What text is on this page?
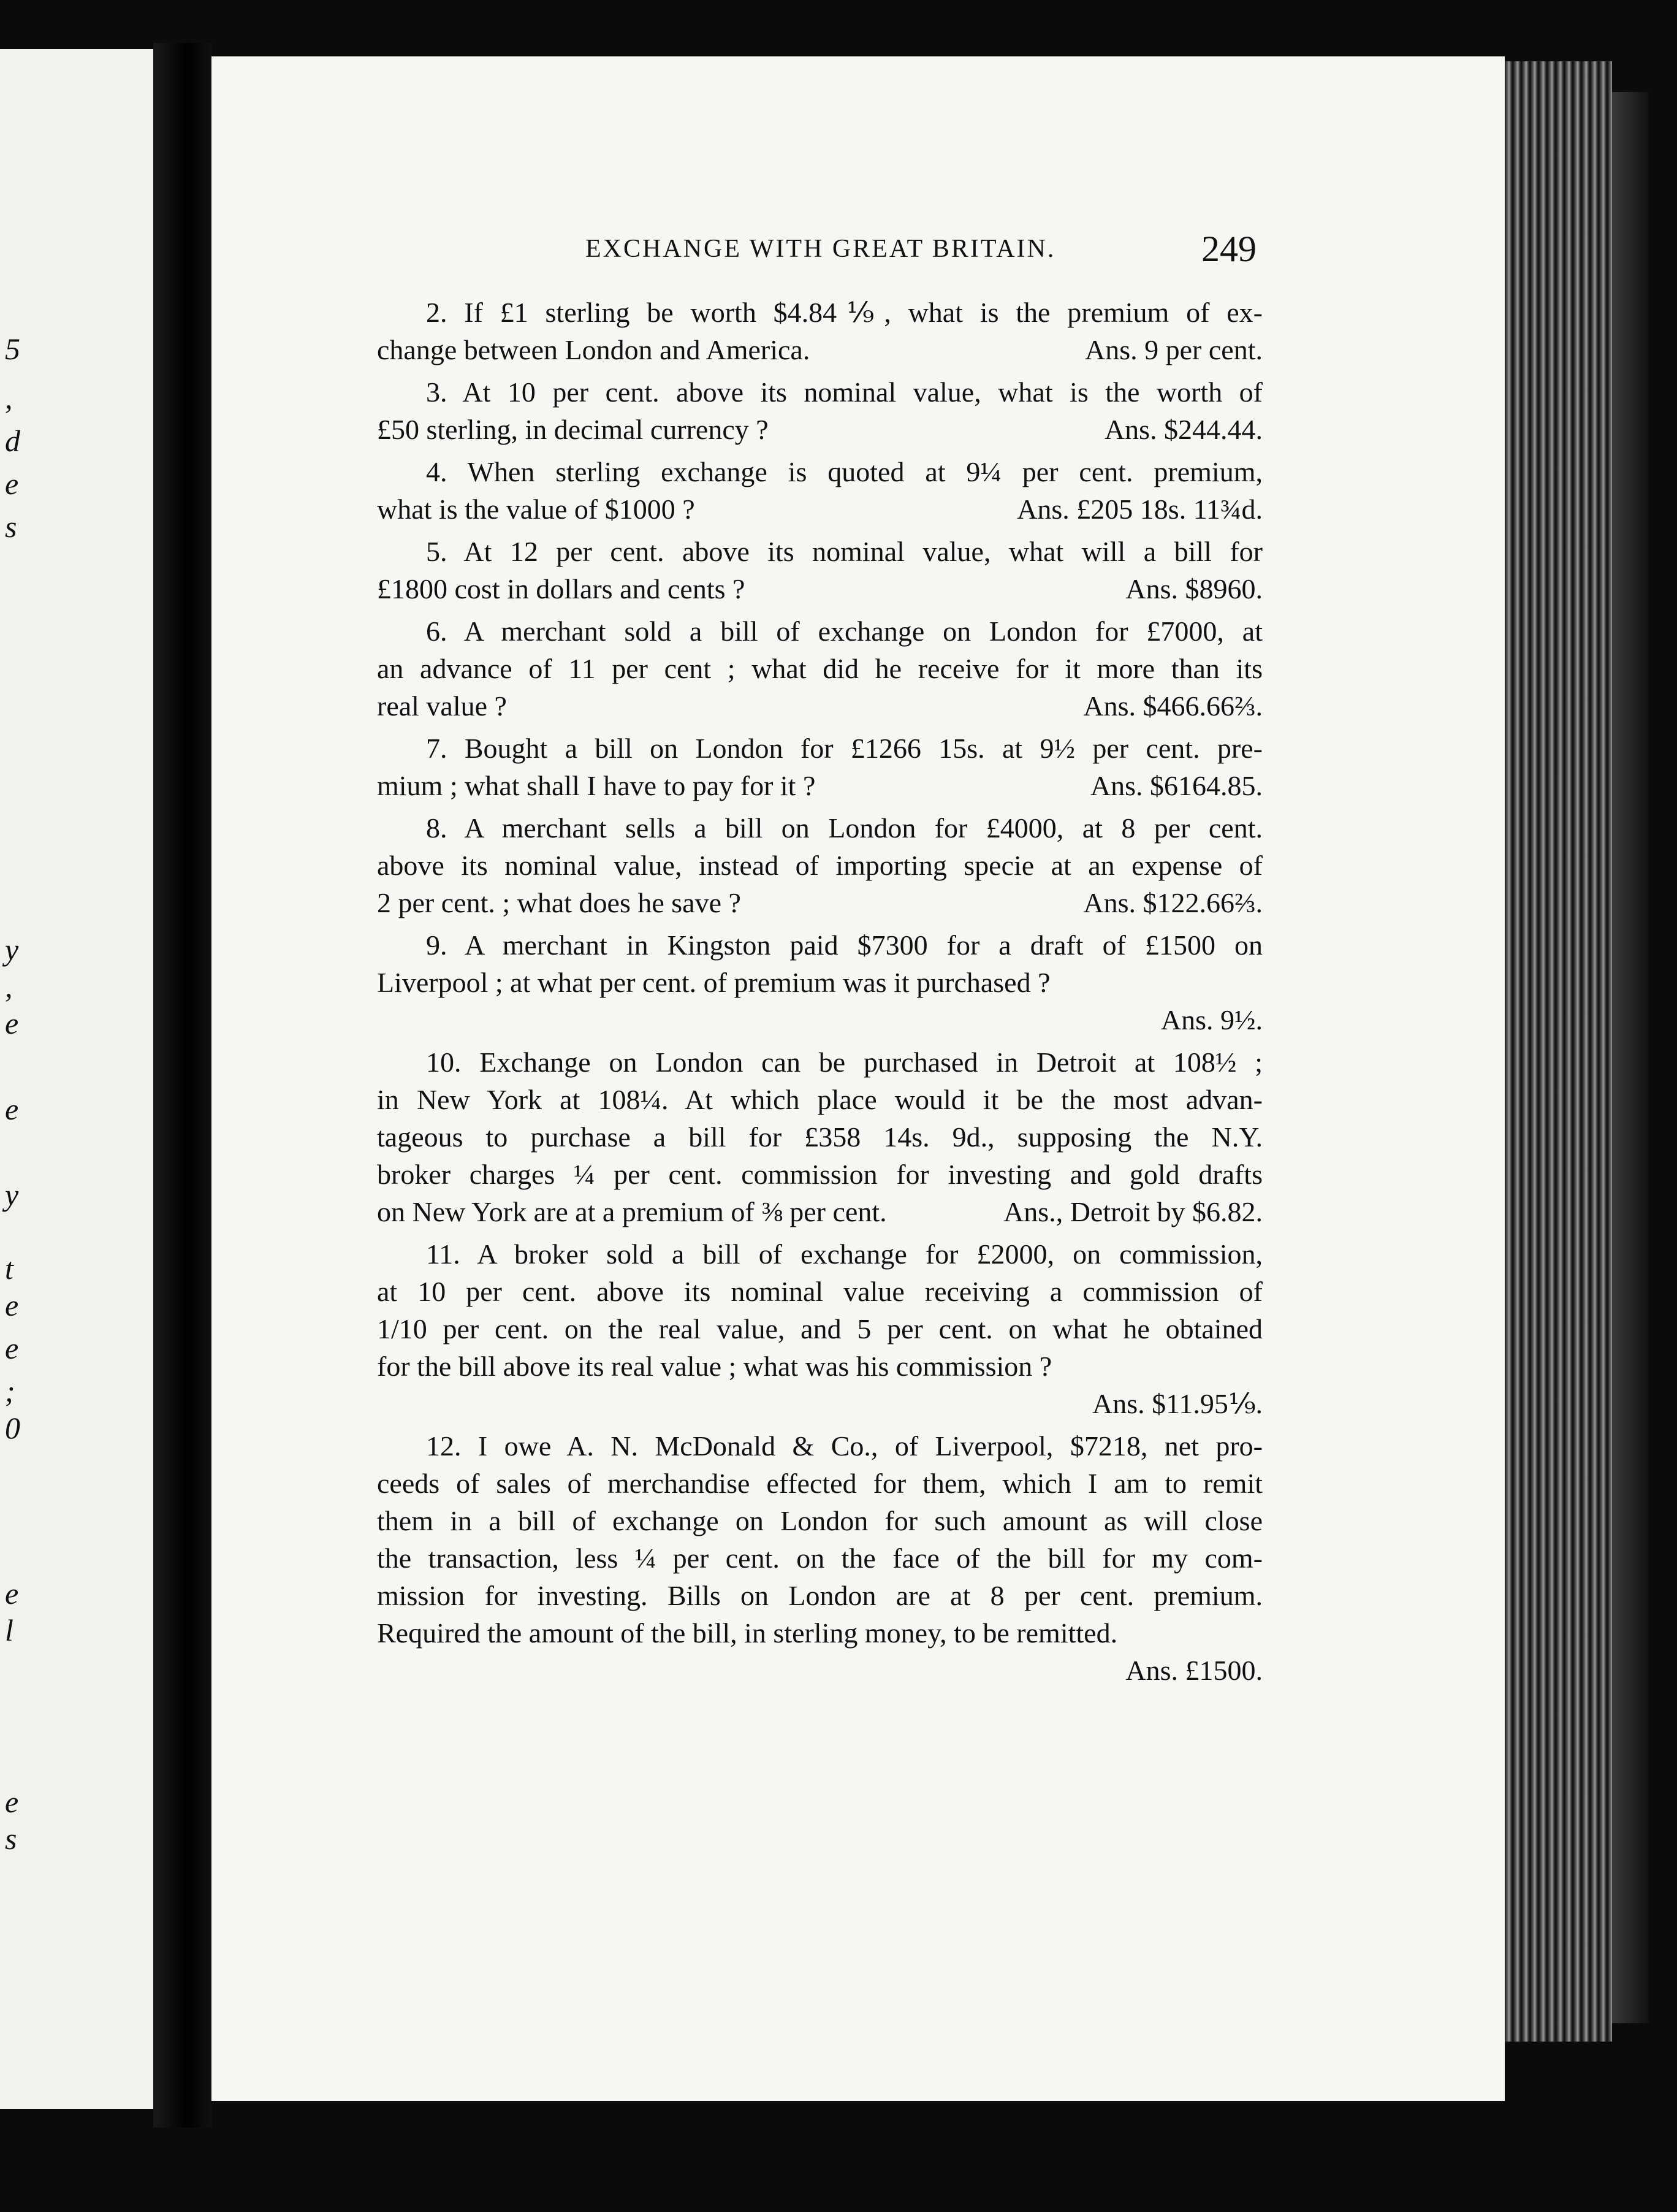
5
,
d
e
s
y
,
e
e
y
t
e
e
;
0
e
l
e
s
EXCHANGE WITH GREAT BRITAIN.	249
2. If £1 sterling be worth $4.84⅑, what is the premium of ex-
change between London and America.	Ans. 9 per cent.
3. At 10 per cent. above its nominal value, what is the worth of
£50 sterling, in decimal currency ?	Ans. $244.44.
4. When sterling exchange is quoted at 9¼ per cent. premium,
what is the value of $1000 ?	Ans. £205 18s. 11¾d.
5. At 12 per cent. above its nominal value, what will a bill for
£1800 cost in dollars and cents ?	Ans. $8960.
6. A merchant sold a bill of exchange on London for £7000, at
an advance of 11 per cent ; what did he receive for it more than its
real value ?	Ans. $466.66⅔.
7. Bought a bill on London for £1266 15s. at 9½ per cent. pre-
mium ; what shall I have to pay for it ?	Ans. $6164.85.
8. A merchant sells a bill on London for £4000, at 8 per cent.
above its nominal value, instead of importing specie at an expense of
2 per cent. ; what does he save ?	Ans. $122.66⅔.
9. A merchant in Kingston paid $7300 for a draft of £1500 on
Liverpool ; at what per cent. of premium was it purchased ?
Ans. 9½.
10. Exchange on London can be purchased in Detroit at 108½ ;
in New York at 108¼. At which place would it be the most advan-
tageous to purchase a bill for £358 14s. 9d., supposing the N.Y.
broker charges ¼ per cent. commission for investing and gold drafts
on New York are at a premium of ⅜ per cent.	Ans., Detroit by $6.82.
11. A broker sold a bill of exchange for £2000, on commission,
at 10 per cent. above its nominal value receiving a commission of
1/10 per cent. on the real value, and 5 per cent. on what he obtained
for the bill above its real value ; what was his commission ?
Ans. $11.95⅑.
12. I owe A. N. McDonald & Co., of Liverpool, $7218, net pro-
ceeds of sales of merchandise effected for them, which I am to remit
them in a bill of exchange on London for such amount as will close
the transaction, less ¼ per cent. on the face of the bill for my com-
mission for investing. Bills on London are at 8 per cent. premium.
Required the amount of the bill, in sterling money, to be remitted.
Ans. £1500.
